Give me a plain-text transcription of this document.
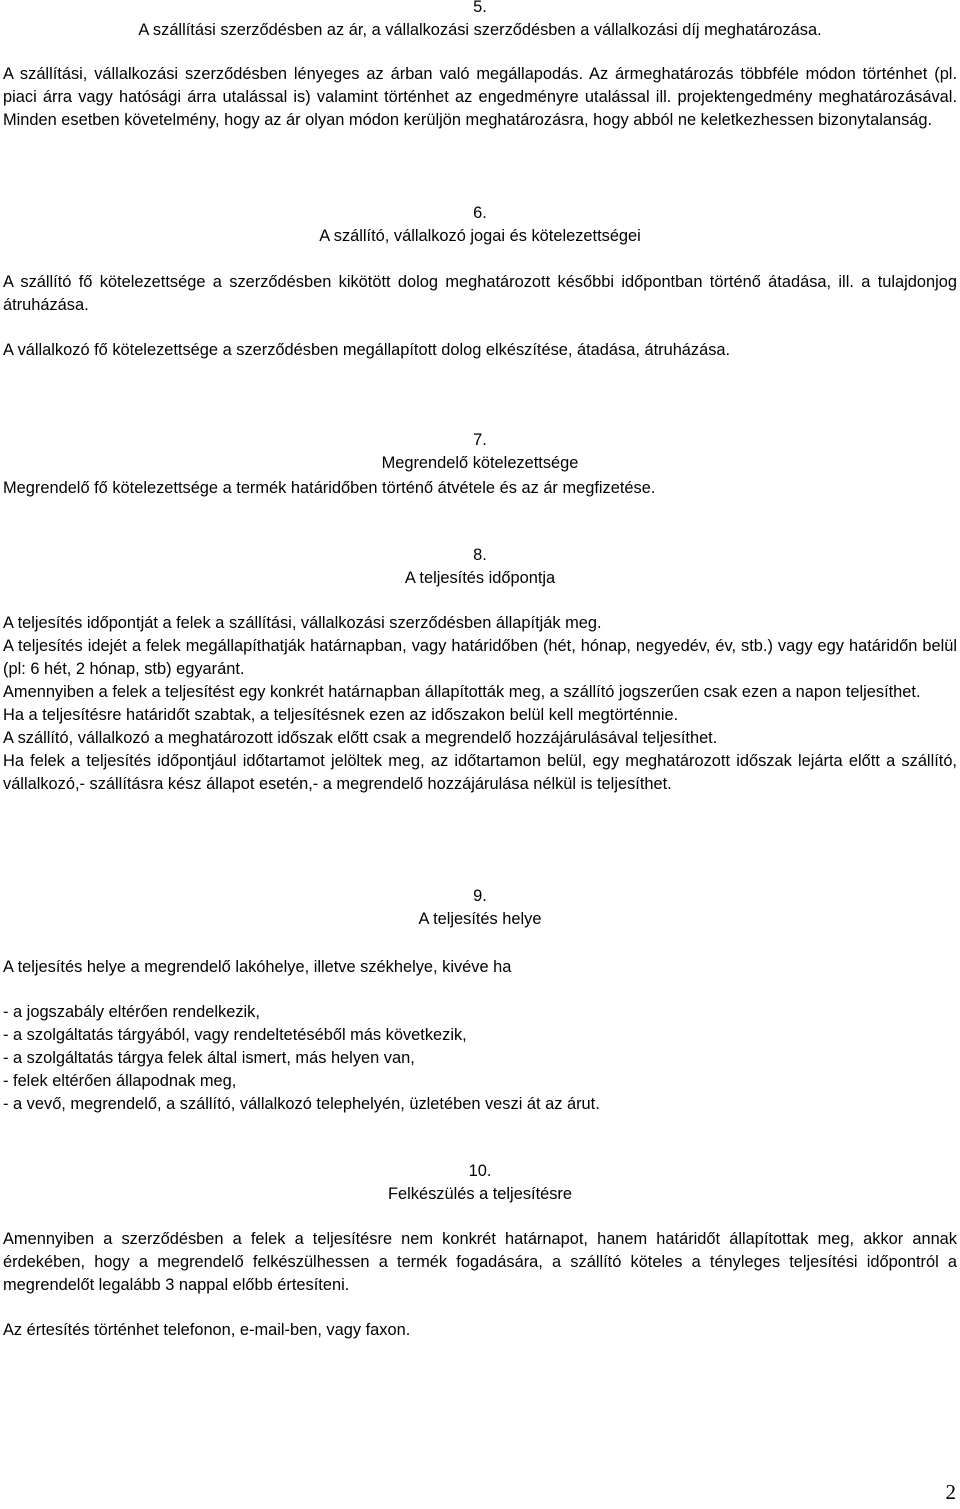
5.

A szállítási szerződésben az ár, a vállalkozási szerződésben a vállalkozási díj meghatározása.

A szállítási, vállalkozási szerződésben lényeges az árban való megállapodás. Az ármeghatározás többféle módon történhet (pl. piaci árra vagy hatósági árra utalással is) valamint történhet az engedményre utalással ill. projektengedmény meghatározásával. Minden esetben követelmény, hogy az ár olyan módon kerüljön meghatározásra, hogy abból ne keletkezhessen bizonytalanság.

6.

A szállító, vállalkozó jogai és kötelezettségei

A szállító fő kötelezettsége a szerződésben kikötött dolog meghatározott későbbi időpontban történő átadása, ill. a tulajdonjog átruházása.

A vállalkozó fő kötelezettsége a szerződésben megállapított dolog elkészítése, átadása, átruházása.

7.

Megrendelő kötelezettsége

Megrendelő fő kötelezettsége a termék határidőben történő átvétele és az ár megfizetése.

8.

A teljesítés időpontja

A teljesítés időpontját a felek a szállítási, vállalkozási szerződésben állapítják meg.

A teljesítés idejét a felek megállapíthatják határnapban, vagy határidőben (hét, hónap, negyedév, év, stb.) vagy egy határidőn belül (pl: 6 hét, 2 hónap, stb) egyaránt.

Amennyiben a felek a teljesítést egy konkrét határnapban állapították meg, a szállító jogszerűen csak ezen a napon teljesíthet.

Ha a teljesítésre határidőt szabtak, a teljesítésnek ezen az időszakon belül kell megtörténnie.

A szállító, vállalkozó a meghatározott időszak előtt csak a megrendelő hozzájárulásával teljesíthet.

Ha felek a teljesítés időpontjául időtartamot jelöltek meg, az időtartamon belül, egy meghatározott időszak lejárta előtt a szállító, vállalkozó,- szállításra kész állapot esetén,- a megrendelő hozzájárulása nélkül is teljesíthet.

9.

A teljesítés helye

A teljesítés helye a megrendelő lakóhelye, illetve székhelye, kivéve ha

- a jogszabály eltérően rendelkezik,

- a szolgáltatás tárgyából, vagy rendeltetéséből más következik,

- a szolgáltatás tárgya felek által ismert, más helyen van,

- felek eltérően állapodnak meg,

- a vevő, megrendelő, a szállító, vállalkozó telephelyén, üzletében veszi át az árut.

10.

Felkészülés a teljesítésre

Amennyiben a szerződésben a felek a teljesítésre nem konkrét határnapot, hanem határidőt állapítottak meg, akkor annak érdekében, hogy a megrendelő felkészülhessen a termék fogadására, a szállító köteles a tényleges teljesítési időpontról a megrendelőt legalább 3 nappal előbb értesíteni.

Az értesítés történhet telefonon, e-mail-ben, vagy faxon.

2
